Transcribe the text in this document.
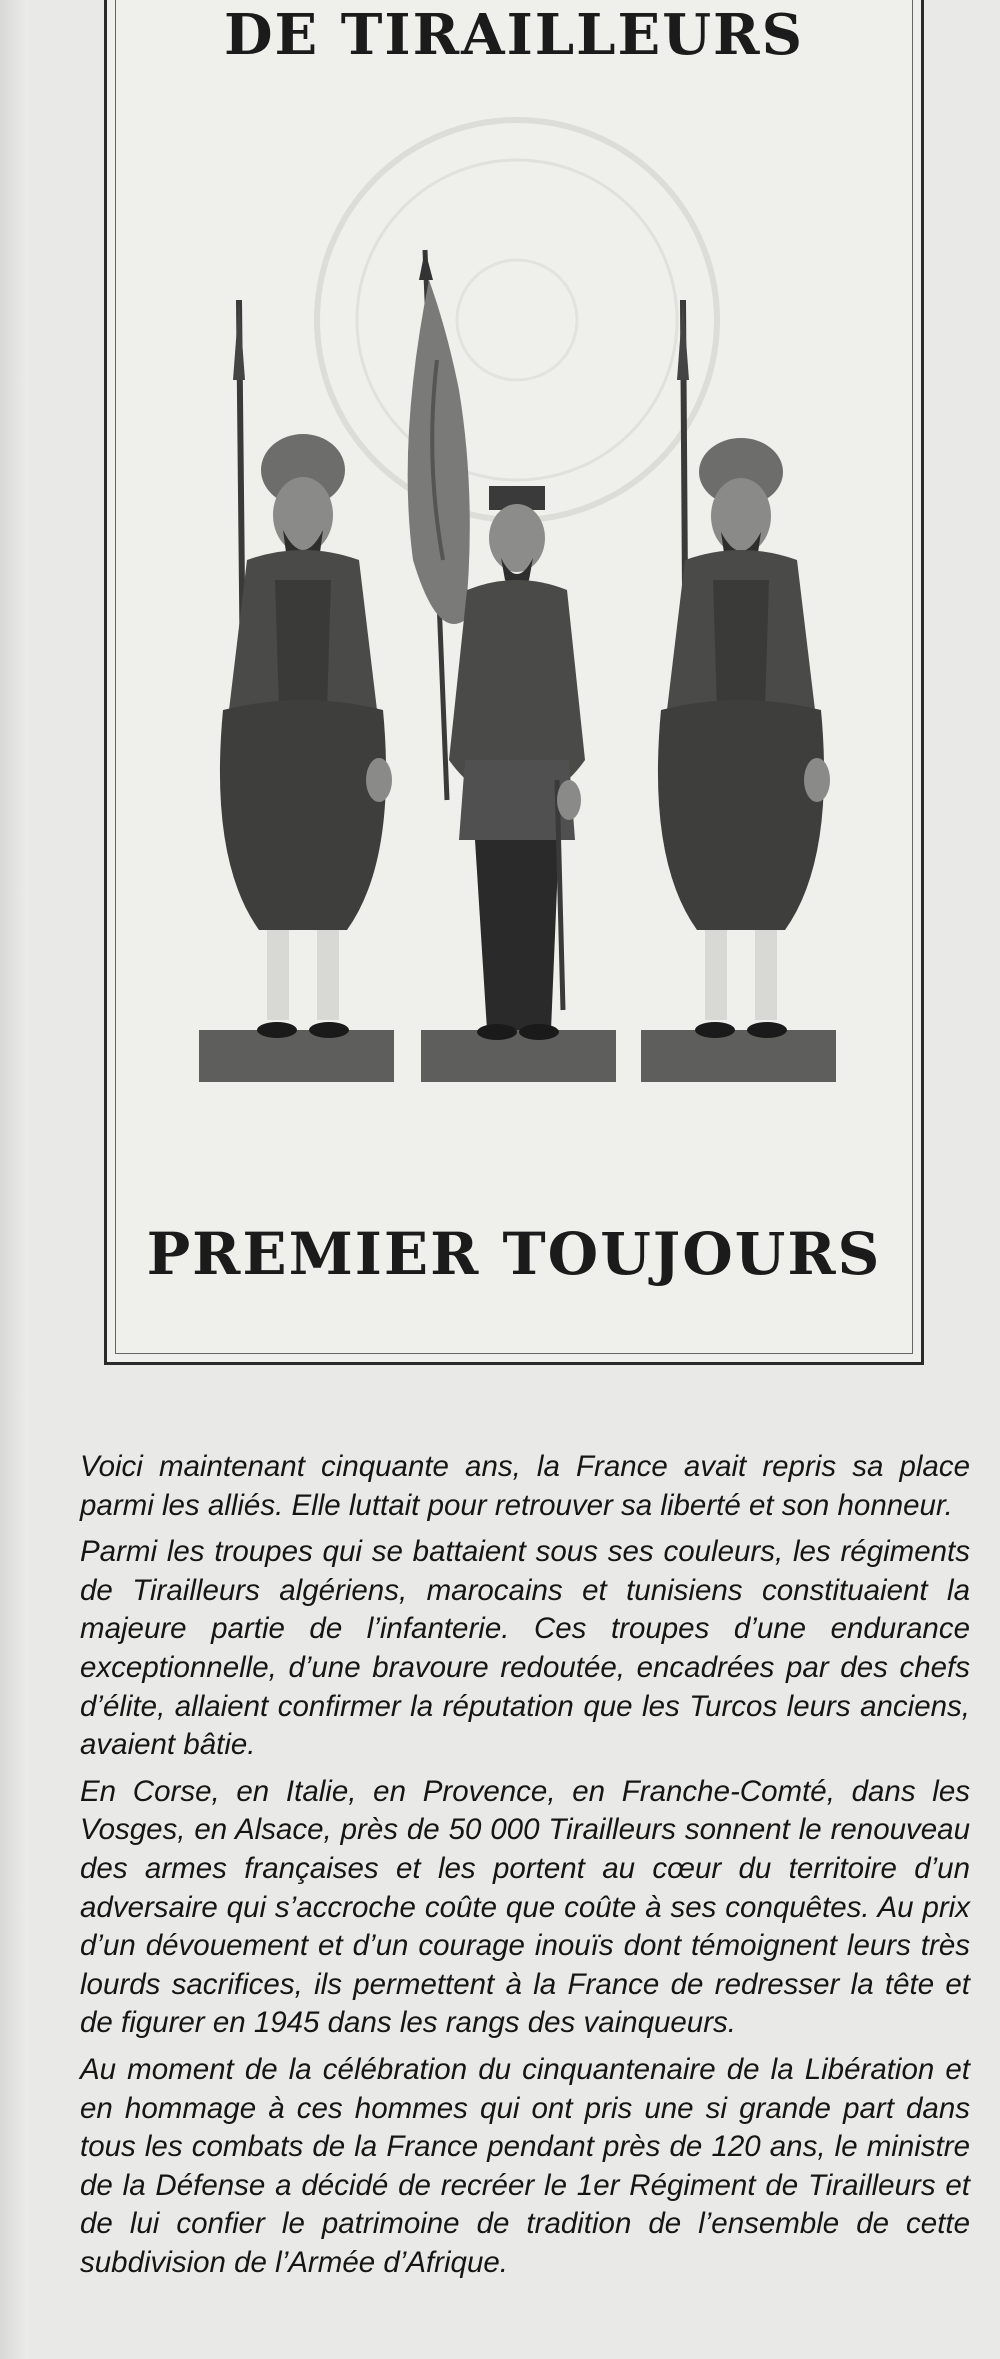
DE TIRAILLEURS
PREMIER TOUJOURS

Voici maintenant cinquante ans, la France avait repris sa place parmi les alliés. Elle luttait pour retrouver sa liberté et son honneur.

Parmi les troupes qui se battaient sous ses couleurs, les régiments de Tirailleurs algériens, marocains et tunisiens constituaient la majeure partie de l’infanterie. Ces troupes d’une endurance exceptionnelle, d’une bravoure redoutée, encadrées par des chefs d’élite, allaient confirmer la réputation que les Turcos leurs anciens, avaient bâtie.

En Corse, en Italie, en Provence, en Franche-Comté, dans les Vosges, en Alsace, près de 50 000 Tirailleurs sonnent le renouveau des armes françaises et les portent au cœur du territoire d’un adversaire qui s’accroche coûte que coûte à ses conquêtes. Au prix d’un dévouement et d’un courage inouïs dont témoignent leurs très lourds sacrifices, ils permettent à la France de redresser la tête et de figurer en 1945 dans les rangs des vainqueurs.

Au moment de la célébration du cinquantenaire de la Libération et en hommage à ces hommes qui ont pris une si grande part dans tous les combats de la France pendant près de 120 ans, le ministre de la Défense a décidé de recréer le 1er Régiment de Tirailleurs et de lui confier le patrimoine de tradition de l’ensemble de cette subdivision de l’Armée d’Afrique.
